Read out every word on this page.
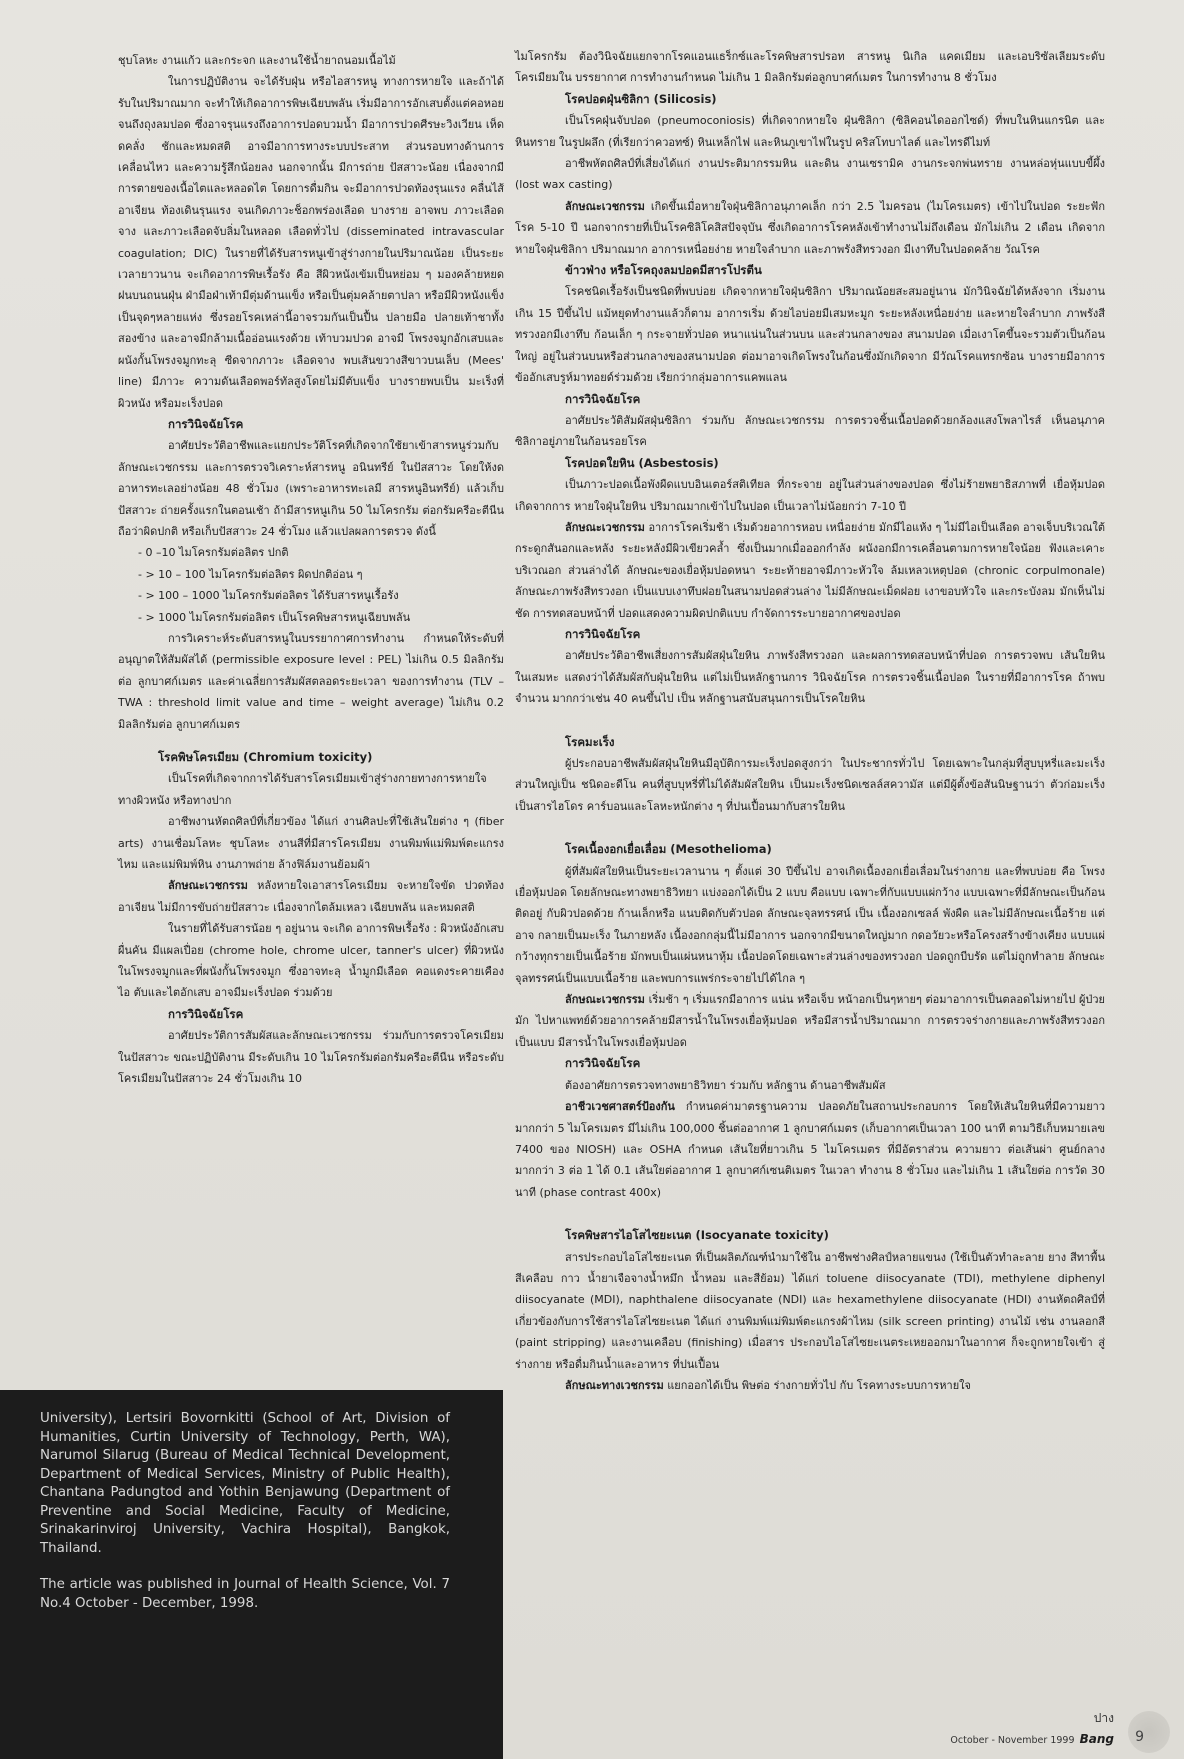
ชุบโลหะ งานแก้ว และกระจก และงานใช้น้ำยาถนอมเนื้อไม้

ในการปฏิบัติงาน จะได้รับฝุ่น หรือไอสารหนู ทางการหายใจ และถ้าได้รับในปริมาณมาก จะทำให้เกิดอาการพิษเฉียบพลัน เริ่มมีอาการอักเสบตั้งแต่คอหอย จนถึงถุงลมปอด ซึ่งอาจรุนแรงถึงอาการปอดบวมน้ำ มีอาการปวดศีรษะวิงเวียน เห็ดดคลั่ง ชักและหมดสติ อาจมีอาการทางระบบประสาท ส่วนรอบทางด้านการ เคลื่อนไหว และความรู้สึกน้อยลง นอกจากนั้น มีการถ่าย ปัสสาวะน้อย เนื่องจากมีการตายของเนื้อไตและหลอดไต โดยการดื่มกิน จะมีอาการปวดท้องรุนแรง คลื่นไส้ อาเจียน ท้องเดินรุนแรง จนเกิดภาวะช็อกพร่องเลือด บางราย อาจพบ ภาวะเลือดจาง และภาวะเลือดจับลิ่มในหลอด เลือดทั่วไป (disseminated intravascular coagulation; DIC) ในรายที่ได้รับสารหนูเข้าสู่ร่างกายในปริมาณน้อย เป็นระยะเวลายาวนาน จะเกิดอาการพิษเรื้อรัง คือ สีผิวหนังเข้มเป็นหย่อม ๆ มองคล้ายหยดฝนบนถนนฝุ่น ฝ่ามือฝ่าเท้ามีตุ่มด้านแข็ง หรือเป็นตุ่มคล้ายตาปลา หรือมีผิวหนังแข็งเป็นจุดๆหลายแห่ง ซึ่งรอยโรคเหล่านี้อาจรวมกันเป็นปื้น ปลายมือ ปลายเท้าชาทั้งสองข้าง และอาจมีกล้ามเนื้ออ่อนแรงด้วย เท้าบวมปวด อาจมี โพรงจมูกอักเสบและผนังกั้นโพรงจมูกทะลุ ซีดจากภาวะ เลือดจาง พบเส้นขวางสีขาวบนเล็บ (Mees' line) มีภาวะ ความดันเลือดพอร์ทัลสูงโดยไม่มีตับแข็ง บางรายพบเป็น มะเร็งที่ผิวหนัง หรือมะเร็งปอด

การวินิจฉัยโรค

อาศัยประวัติอาชีพและแยกประวัติโรคที่เกิดจากใช้ยาเข้าสารหนูร่วมกับลักษณะเวชกรรม และการตรวจวิเคราะห์สารหนู อนินทรีย์ ในปัสสาวะ โดยให้งดอาหารทะเลอย่างน้อย 48 ชั่วโมง (เพราะอาหารทะเลมี สารหนูอินทรีย์) แล้วเก็บปัสสาวะ ถ่ายครั้งแรกในตอนเช้า ถ้ามีสารหนูเกิน 50 ไมโครกรัม ต่อกรัมครีอะตีนีน ถือว่าผิดปกติ หรือเก็บปัสสาวะ 24 ชั่วโมง แล้วแปลผลการตรวจ ดังนี้

- 0 –10 ไมโครกรัมต่อลิตร ปกติ
- > 10 – 100 ไมโครกรัมต่อลิตร ผิดปกติอ่อน ๆ
- > 100 – 1000 ไมโครกรัมต่อลิตร ได้รับสารหนูเรื้อรัง
- > 1000 ไมโครกรัมต่อลิตร เป็นโรคพิษสารหนูเฉียบพลัน

การวิเคราะห์ระดับสารหนูในบรรยากาศการทำงาน กำหนดให้ระดับที่อนุญาตให้สัมผัสได้ (permissible exposure level : PEL) ไม่เกิน 0.5 มิลลิกรัมต่อ ลูกบาศก์เมตร และค่าเฉลี่ยการสัมผัสตลอดระยะเวลา ของการทำงาน (TLV – TWA : threshold limit value and time – weight average) ไม่เกิน 0.2 มิลลิกรัมต่อ ลูกบาศก์เมตร

โรคพิษโครเมียม (Chromium toxicity)

เป็นโรคที่เกิดจากการได้รับสารโครเมียมเข้าสู่ร่างกายทางการหายใจ ทางผิวหนัง หรือทางปาก

อาชีพงานหัตถศิลป์ที่เกี่ยวข้อง ได้แก่ งานศิลปะที่ใช้เส้นใยต่าง ๆ (fiber arts) งานเชื่อมโลหะ ชุบโลหะ งานสีที่มีสารโครเมียม งานพิมพ์แม่พิมพ์ตะแกรงไหม และแม่พิมพ์หิน งานภาพถ่าย ล้างฟิล์มงานย้อมผ้า

ลักษณะเวชกรรม หลังหายใจเอาสารโครเมียม จะหายใจขัด ปวดท้อง อาเจียน ไม่มีการขับถ่ายปัสสาวะ เนื่องจากไตล้มเหลว เฉียบพลัน และหมดสติ

ในรายที่ได้รับสารน้อย ๆ อยู่นาน จะเกิด อาการพิษเรื้อรัง : ผิวหนังอักเสบผื่นคัน มีแผลเปื่อย (chrome hole, chrome ulcer, tanner's ulcer) ที่ผิวหนัง ในโพรงจมูกและที่ผนังกั้นโพรงจมูก ซึ่งอาจทะลุ น้ำมูกมีเลือด คอแดงระคายเคือง ไอ ตับและไตอักเสบ อาจมีมะเร็งปอด ร่วมด้วย

การวินิจฉัยโรค

อาศัยประวัติการสัมผัสและลักษณะเวชกรรม ร่วมกับการตรวจโครเมียมในปัสสาวะ ขณะปฏิบัติงาน มีระดับเกิน 10 ไมโครกรัมต่อกรัมครีอะตีนีน หรือระดับโครเมียมในปัสสาวะ 24 ชั่วโมงเกิน 10

University), Lertsiri Bovornkitti (School of Art, Division of Humanities, Curtin University of Technology, Perth, WA), Narumol Silarug (Bureau of Medical Technical Development, Department of Medical Services, Ministry of Public Health), Chantana Padungtod and Yothin Benjawung (Department of Preventine and Social Medicine, Faculty of Medicine, Srinakarinviroj University, Vachira Hospital), Bangkok, Thailand.

The article was published in Journal of Health Science, Vol. 7 No.4 October - December, 1998.

ไมโครกรัม ต้องวินิจฉัยแยกจากโรคแอนแธร็กซ์และโรคพิษสารปรอท สารหนู นิเกิล แคดเมียม และเอบริซัลเลียมระดับโครเมียมใน บรรยากาศ การทำงานกำหนด ไม่เกิน 1 มิลลิกรัมต่อลูกบาศก์เมตร ในการทำงาน 8 ชั่วโมง

โรคปอดฝุ่นซิลิกา (Silicosis)

เป็นโรคฝุ่นจับปอด (pneumoconiosis) ที่เกิดจากหายใจ ฝุ่นซิลิกา (ซิลิคอนไดออกไซด์) ที่พบในหินแกรนิต และหินทราย ในรูปผลึก (ที่เรียกว่าควอทซ์) หินเหล็กไฟ และหินภูเขาไฟในรูป คริสโทบาไลต์ และไทรดีไมท์

อาชีพหัตถศิลป์ที่เสี่ยงได้แก่ งานประติมากรรมหิน และดิน งานเซรามิค งานกระจกพ่นทราย งานหล่อหุ่นแบบขี้ผึ้ง (lost wax casting)

ลักษณะเวชกรรม เกิดขึ้นเมื่อหายใจฝุ่นซิลิกาอนุภาคเล็ก กว่า 2.5 ไมครอน (ไมโครเมตร) เข้าไปในปอด ระยะฟักโรค 5-10 ปี นอกจากรายที่เป็นโรคซิลิโคสิสปัจจุบัน ซึ่งเกิดอาการโรคหลังเข้าทำงานไม่ถึงเดือน มักไม่เกิน 2 เดือน เกิดจากหายใจฝุ่นซิลิกา ปริมาณมาก อาการเหนื่อยง่าย หายใจลำบาก และภาพรังสีทรวงอก มีเงาทึบในปอดคล้าย วัณโรค

ข้าวฟ่าง หรือโรคถุงลมปอดมีสารโปรตีน

โรคชนิดเรื้อรังเป็นชนิดที่พบบ่อย เกิดจากหายใจฝุ่นซิลิกา ปริมาณน้อยสะสมอยู่นาน มักวินิจฉัยได้หลังจาก เริ่มงานเกิน 15 ปีขึ้นไป แม้หยุดทำงานแล้วก็ตาม อาการเริ่ม ด้วยไอบ่อยมีเสมหะมูก ระยะหลังเหนื่อยง่าย และหายใจลำบาก ภาพรังสีทรวงอกมีเงาทึบ ก้อนเล็ก ๆ กระจายทั่วปอด หนาแน่นในส่วนบน และส่วนกลางของ สนามปอด เมื่อเงาโตขึ้นจะรวมตัวเป็นก้อนใหญ่ อยู่ในส่วนบนหรือส่วนกลางของสนามปอด ต่อมาอาจเกิดโพรงในก้อนซึ่งมักเกิดจาก มีวัณโรคแทรกซ้อน บางรายมีอาการข้ออักเสบรูห์มาทอยด์ร่วมด้วย เรียกว่ากลุ่มอาการแคพแลน

การวินิจฉัยโรค

อาศัยประวัติสัมผัสฝุ่นซิลิกา ร่วมกับ ลักษณะเวชกรรม การตรวจชิ้นเนื้อปอดด้วยกล้องแสงโพลาไรส์ เห็นอนุภาคซิลิกาอยู่ภายในก้อนรอยโรค

โรคปอดใยหิน (Asbestosis)

เป็นภาวะปอดเนื้อพังผืดแบบอินเตอร์สติเทียล ที่กระจาย อยู่ในส่วนล่างของปอด ซึ่งไม่ร้ายพยาธิสภาพที่ เยื่อหุ้มปอดเกิดจากการ หายใจฝุ่นใยหิน ปริมาณมากเข้าไปในปอด เป็นเวลาไม่น้อยกว่า 7-10 ปี

ลักษณะเวชกรรม อาการโรคเริ่มช้า เริ่มด้วยอาการหอบ เหนื่อยง่าย มักมีไอแห้ง ๆ ไม่มีไอเป็นเลือด อาจเจ็บบริเวณใต้ กระดูกสันอกและหลัง ระยะหลังมีผิวเขียวคล้ำ ซึ่งเป็นมากเมื่อออกกำลัง ผนังอกมีการเคลื่อนตามการหายใจน้อย ฟังและเคาะบริเวณอก ส่วนล่างได้ ลักษณะของเยื่อหุ้มปอดหนา ระยะท้ายอาจมีภาวะหัวใจ ล้มเหลวเหตุปอด (chronic corpulmonale) ลักษณะภาพรังสีทรวงอก เป็นแบบเงาทึบฝอยในสนามปอดส่วนล่าง ไม่มีลักษณะเม็ดฝอย เงาขอบหัวใจ และกระบังลม มักเห็นไม่ชัด การทดสอบหน้าที่ ปอดแสดงความผิดปกติแบบ กำจัดการระบายอากาศของปอด

การวินิจฉัยโรค

อาศัยประวัติอาชีพเสี่ยงการสัมผัสฝุ่นใยหิน ภาพรังสีทรวงอก และผลการทดสอบหน้าที่ปอด การตรวจพบ เส้นใยหิน ในเสมหะ แสดงว่าได้สัมผัสกับฝุ่นใยหิน แต่ไม่เป็นหลักฐานการ วินิจฉัยโรค การตรวจชิ้นเนื้อปอด ในรายที่มีอาการโรค ถ้าพบจำนวน มากกว่าเช่น 40 คนขึ้นไป เป็น หลักฐานสนับสนุนการเป็นโรคใยหิน

โรคมะเร็ง

ผู้ประกอบอาชีพสัมผัสฝุ่นใยหินมีอุบัติการมะเร็งปอดสูงกว่า ในประชากรทั่วไป โดยเฉพาะในกลุ่มที่สูบบุหรี่และมะเร็งส่วนใหญ่เป็น ชนิดอะดีโน คนที่สูบบุหรี่ที่ไม่ได้สัมผัสใยหิน เป็นมะเร็งชนิดเซลล์สความัส แต่มีผู้ตั้งข้อสันนิษฐานว่า ตัวก่อมะเร็งเป็นสารไฮโดร คาร์บอนและโลหะหนักต่าง ๆ ที่ปนเปื้อนมากับสารใยหิน

โรคเนื้องอกเยื่อเลื่อม (Mesothelioma)

ผู้ที่สัมผัสใยหินเป็นระยะเวลานาน ๆ ตั้งแต่ 30 ปีขึ้นไป อาจเกิดเนื้องอกเยื่อเลื่อมในร่างกาย และที่พบบ่อย คือ โพรงเยื่อหุ้มปอด โดยลักษณะทางพยาธิวิทยา แบ่งออกได้เป็น 2 แบบ คือแบบ เฉพาะที่กับแบบแผ่กว้าง แบบเฉพาะที่มีลักษณะเป็นก้อน ติดอยู่ กับผิวปอดด้วย ก้านเล็กหรือ แนบติดกับตัวปอด ลักษณะจุลทรรศน์ เป็น เนื้องอกเซลล์ พังผืด และไม่มีลักษณะเนื้อร้าย แต่อาจ กลายเป็นมะเร็ง ในภายหลัง เนื้องอกกลุ่มนี้ไม่มีอาการ นอกจากมีขนาดใหญ่มาก กดอวัยวะหรือโครงสร้างข้างเคียง แบบแผ่กว้างทุกรายเป็นเนื้อร้าย มักพบเป็นแผ่นหนาหุ้ม เนื้อปอดโดยเฉพาะส่วนล่างของทรวงอก ปอดถูกบีบรัด แต่ไม่ถูกทำลาย ลักษณะจุลทรรศน์เป็นแบบเนื้อร้าย และพบการแพร่กระจายไปได้ไกล ๆ

ลักษณะเวชกรรม เริ่มช้า ๆ เริ่มแรกมีอาการ แน่น หรือเจ็บ หน้าอกเป็นๆหายๆ ต่อมาอาการเป็นตลอดไม่หายไป ผู้ป่วยมัก ไปหาแพทย์ด้วยอาการคล้ายมีสารน้ำในโพรงเยื่อหุ้มปอด หรือมีสารน้ำปริมาณมาก การตรวจร่างกายและภาพรังสีทรวงอก เป็นแบบ มีสารน้ำในโพรงเยื่อหุ้มปอด

การวินิจฉัยโรค

ต้องอาศัยการตรวจทางพยาธิวิทยา ร่วมกับ หลักฐาน ด้านอาชีพสัมผัส

อาชีวเวชศาสตร์ป้องกัน กำหนดค่ามาตรฐานความ ปลอดภัยในสถานประกอบการ โดยให้เส้นใยหินที่มีความยาวมากกว่า 5 ไมโครเมตร มีไม่เกิน 100,000 ชิ้นต่ออากาศ 1 ลูกบาศก์เมตร (เก็บอากาศเป็นเวลา 100 นาที ตามวิธีเก็บหมายเลข 7400 ของ NIOSH) และ OSHA กำหนด เส้นใยที่ยาวเกิน 5 ไมโครเมตร ที่มีอัตราส่วน ความยาว ต่อเส้นผ่า ศูนย์กลาง มากกว่า 3 ต่อ 1 ได้ 0.1 เส้นใยต่ออากาศ 1 ลูกบาศก์เซนติเมตร ในเวลา ทำงาน 8 ชั่วโมง และไม่เกิน 1 เส้นใยต่อ การวัด 30 นาที (phase contrast 400x)

โรคพิษสารไอโสไซยะเนต (Isocyanate toxicity)

สารประกอบไอโสไซยะเนต ที่เป็นผลิตภัณฑ์นำมาใช้ใน อาชีพช่างศิลป์หลายแขนง (ใช้เป็นตัวทำละลาย ยาง สีทาพื้นสีเคลือบ กาว น้ำยาเจือจางน้ำหมึก น้ำหอม และสีย้อม) ได้แก่ toluene diisocyanate (TDI), methylene diphenyl diisocyanate (MDI), naphthalene diisocyanate (NDI) และ hexamethylene diisocyanate (HDI) งานหัตถศิลป์ที่เกี่ยวข้องกับการใช้สารไอโสไซยะเนต ได้แก่ งานพิมพ์แม่พิมพ์ตะแกรงผ้าไหม (silk screen printing) งานไม้ เช่น งานลอกสี (paint stripping) และงานเคลือบ (finishing) เมื่อสาร ประกอบไอโสไซยะเนตระเหยออกมาในอากาศ ก็จะถูกหายใจเข้า สู่ร่างกาย หรือดื่มกินน้ำและอาหาร ที่ปนเปื้อน

ลักษณะทางเวชกรรม แยกออกได้เป็น พิษต่อ ร่างกายทั่วไป กับ โรคทางระบบการหายใจ

ปาง
October - November 1999 Bang 9
